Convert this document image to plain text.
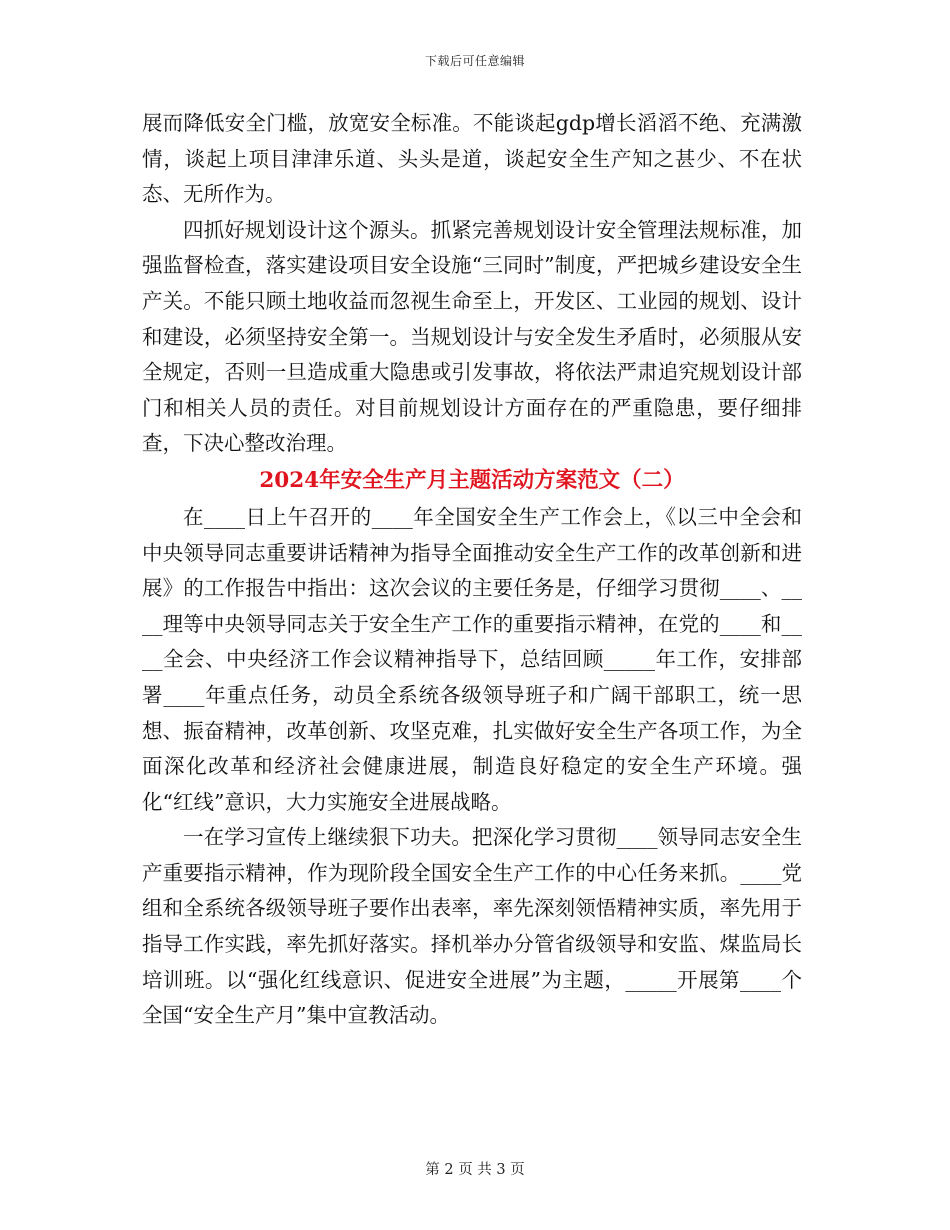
下载后可任意编辑

展而降低安全门槛，放宽安全标准。不能谈起gdp增长滔滔不绝、充满激情，谈起上项目津津乐道、头头是道，谈起安全生产知之甚少、不在状态、无所作为。

四抓好规划设计这个源头。抓紧完善规划设计安全管理法规标准，加强监督检查，落实建设项目安全设施“三同时”制度，严把城乡建设安全生产关。不能只顾土地收益而忽视生命至上，开发区、工业园的规划、设计和建设，必须坚持安全第一。当规划设计与安全发生矛盾时，必须服从安全规定，否则一旦造成重大隐患或引发事故，将依法严肃追究规划设计部门和相关人员的责任。对目前规划设计方面存在的严重隐患，要仔细排查，下决心整改治理。

2024年安全生产月主题活动方案范文（二）

在____日上午召开的____年全国安全生产工作会上，《以三中全会和中央领导同志重要讲话精神为指导全面推动安全生产工作的改革创新和进展》的工作报告中指出：这次会议的主要任务是，仔细学习贯彻____、____理等中央领导同志关于安全生产工作的重要指示精神，在党的____和____全会、中央经济工作会议精神指导下，总结回顾_____年工作，安排部署____年重点任务，动员全系统各级领导班子和广阔干部职工，统一思想、振奋精神，改革创新、攻坚克难，扎实做好安全生产各项工作，为全面深化改革和经济社会健康进展，制造良好稳定的安全生产环境。强化“红线”意识，大力实施安全进展战略。

一在学习宣传上继续狠下功夫。把深化学习贯彻____领导同志安全生产重要指示精神，作为现阶段全国安全生产工作的中心任务来抓。____党组和全系统各级领导班子要作出表率，率先深刻领悟精神实质，率先用于指导工作实践，率先抓好落实。择机举办分管省级领导和安监、煤监局长培训班。以“强化红线意识、促进安全进展”为主题，_____开展第____个全国“安全生产月”集中宣教活动。

第 2 页 共 3 页
